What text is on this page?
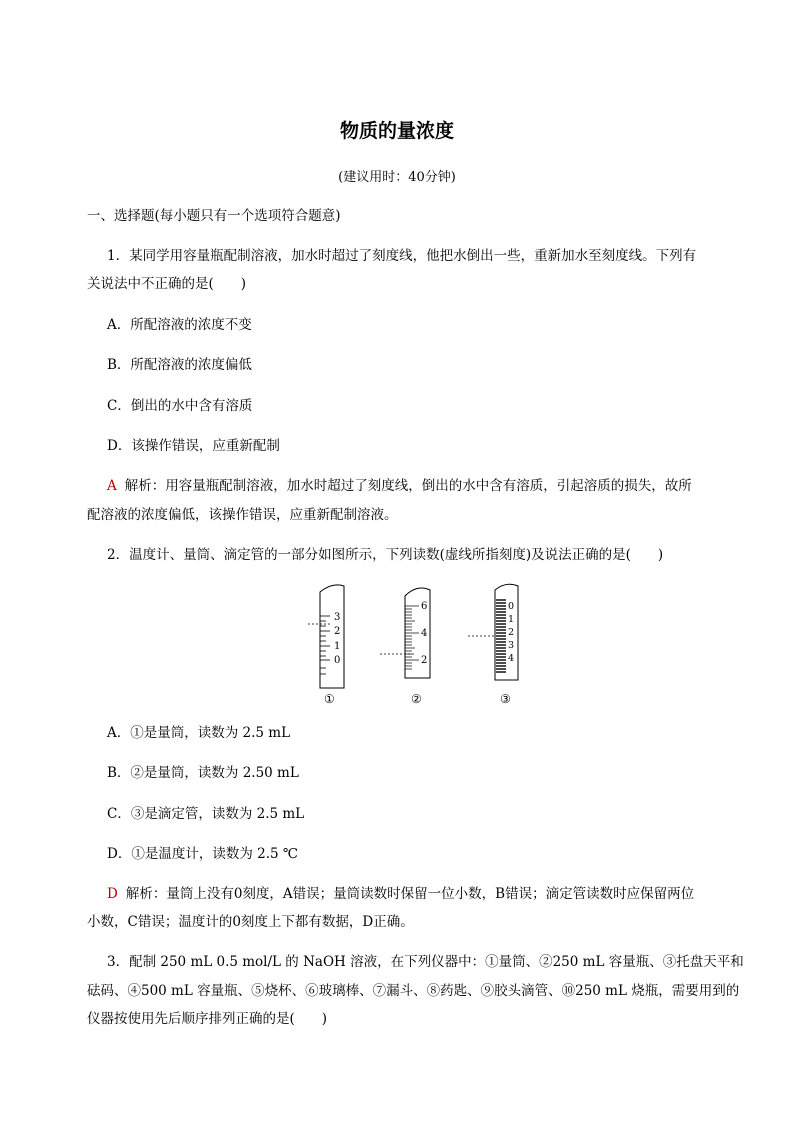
物质的量浓度
(建议用时：40分钟)
一、选择题(每小题只有一个选项符合题意)
1．某同学用容量瓶配制溶液，加水时超过了刻度线，他把水倒出一些，重新加水至刻度线。下列有
关说法中不正确的是(　　)
A．所配溶液的浓度不变
B．所配溶液的浓度偏低
C．倒出的水中含有溶质
D．该操作错误，应重新配制
A 解析：用容量瓶配制溶液，加水时超过了刻度线，倒出的水中含有溶质，引起溶质的损失，故所
配溶液的浓度偏低，该操作错误，应重新配制溶液。
2．温度计、量筒、滴定管的一部分如图所示，下列读数(虚线所指刻度)及说法正确的是(　　)
3
2
1
0
①
6
4
2
②
0
1
2
3
4
③
A．①是量筒，读数为 2.5 mL
B．②是量筒，读数为 2.50 mL
C．③是滴定管，读数为 2.5 mL
D．①是温度计，读数为 2.5 ℃
D 解析：量筒上没有0刻度，A错误；量筒读数时保留一位小数，B错误；滴定管读数时应保留两位
小数，C错误；温度计的0刻度上下都有数据，D正确。
3．配制 250 mL 0.5 mol/L 的 NaOH 溶液，在下列仪器中：①量筒、②250 mL 容量瓶、③托盘天平和
砝码、④500 mL 容量瓶、⑤烧杯、⑥玻璃棒、⑦漏斗、⑧药匙、⑨胶头滴管、⑩250 mL 烧瓶，需要用到的
仪器按使用先后顺序排列正确的是(　　)
